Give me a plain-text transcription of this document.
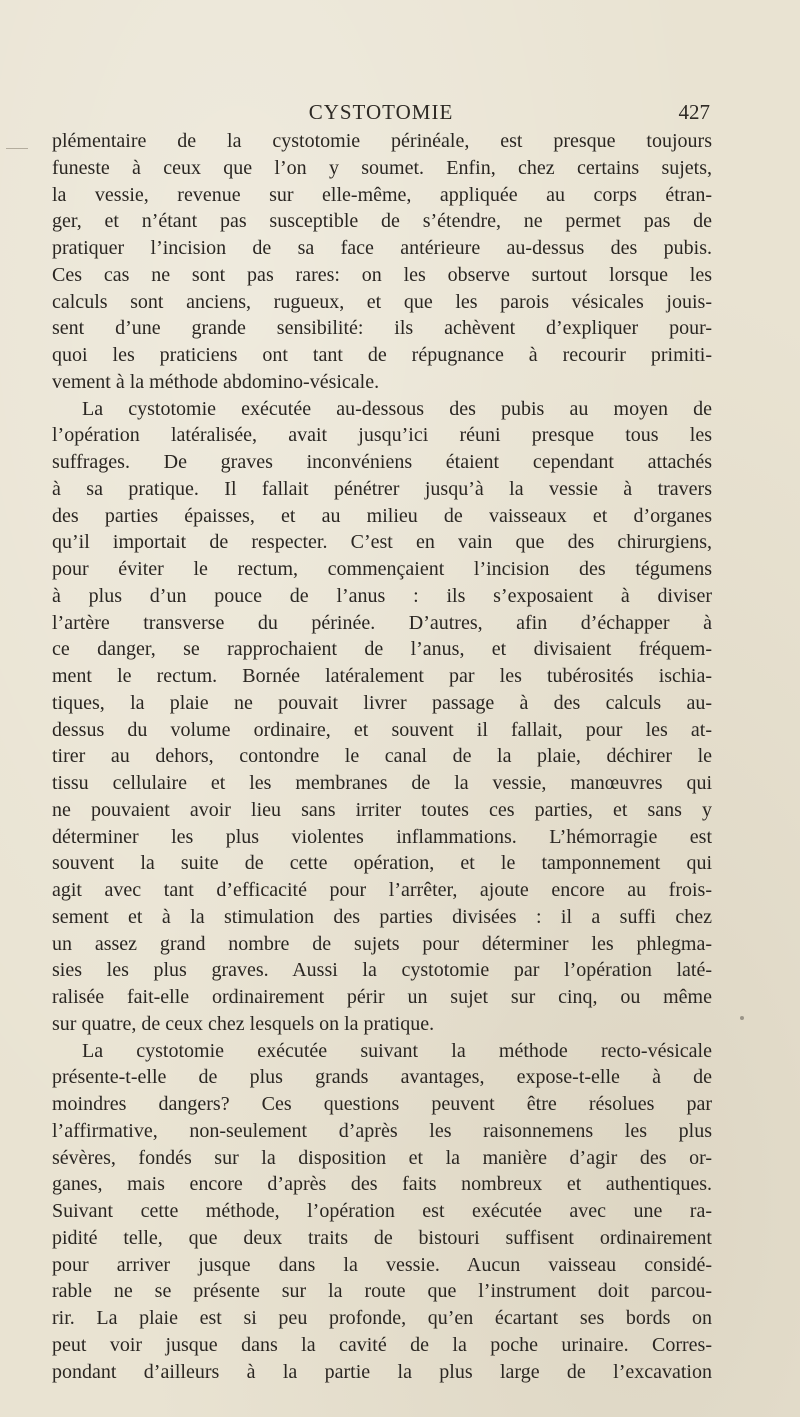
CYSTOTOMIE	427
plémentaire de la cystotomie périnéale, est presque toujours
funeste à ceux que l’on y soumet. Enfin, chez certains sujets,
la vessie, revenue sur elle-même, appliquée au corps étran-
ger, et n’étant pas susceptible de s’étendre, ne permet pas de
pratiquer l’incision de sa face antérieure au-dessus des pubis.
Ces cas ne sont pas rares: on les observe surtout lorsque les
calculs sont anciens, rugueux, et que les parois vésicales jouis-
sent d’une grande sensibilité: ils achèvent d’expliquer pour-
quoi les praticiens ont tant de répugnance à recourir primiti-
vement à la méthode abdomino-vésicale.
La cystotomie exécutée au-dessous des pubis au moyen de
l’opération latéralisée, avait jusqu’ici réuni presque tous les
suffrages. De graves inconvéniens étaient cependant attachés
à sa pratique. Il fallait pénétrer jusqu’à la vessie à travers
des parties épaisses, et au milieu de vaisseaux et d’organes
qu’il importait de respecter. C’est en vain que des chirurgiens,
pour éviter le rectum, commençaient l’incision des tégumens
à plus d’un pouce de l’anus : ils s’exposaient à diviser
l’artère transverse du périnée. D’autres, afin d’échapper à
ce danger, se rapprochaient de l’anus, et divisaient fréquem-
ment le rectum. Bornée latéralement par les tubérosités ischia-
tiques, la plaie ne pouvait livrer passage à des calculs au-
dessus du volume ordinaire, et souvent il fallait, pour les at-
tirer au dehors, contondre le canal de la plaie, déchirer le
tissu cellulaire et les membranes de la vessie, manœuvres qui
ne pouvaient avoir lieu sans irriter toutes ces parties, et sans y
déterminer les plus violentes inflammations. L’hémorragie est
souvent la suite de cette opération, et le tamponnement qui
agit avec tant d’efficacité pour l’arrêter, ajoute encore au frois-
sement et à la stimulation des parties divisées : il a suffi chez
un assez grand nombre de sujets pour déterminer les phlegma-
sies les plus graves. Aussi la cystotomie par l’opération laté-
ralisée fait-elle ordinairement périr un sujet sur cinq, ou même
sur quatre, de ceux chez lesquels on la pratique.
La cystotomie exécutée suivant la méthode recto-vésicale
présente-t-elle de plus grands avantages, expose-t-elle à de
moindres dangers? Ces questions peuvent être résolues par
l’affirmative, non-seulement d’après les raisonnemens les plus
sévères, fondés sur la disposition et la manière d’agir des or-
ganes, mais encore d’après des faits nombreux et authentiques.
Suivant cette méthode, l’opération est exécutée avec une ra-
pidité telle, que deux traits de bistouri suffisent ordinairement
pour arriver jusque dans la vessie. Aucun vaisseau considé-
rable ne se présente sur la route que l’instrument doit parcou-
rir. La plaie est si peu profonde, qu’en écartant ses bords on
peut voir jusque dans la cavité de la poche urinaire. Corres-
pondant d’ailleurs à la partie la plus large de l’excavation
